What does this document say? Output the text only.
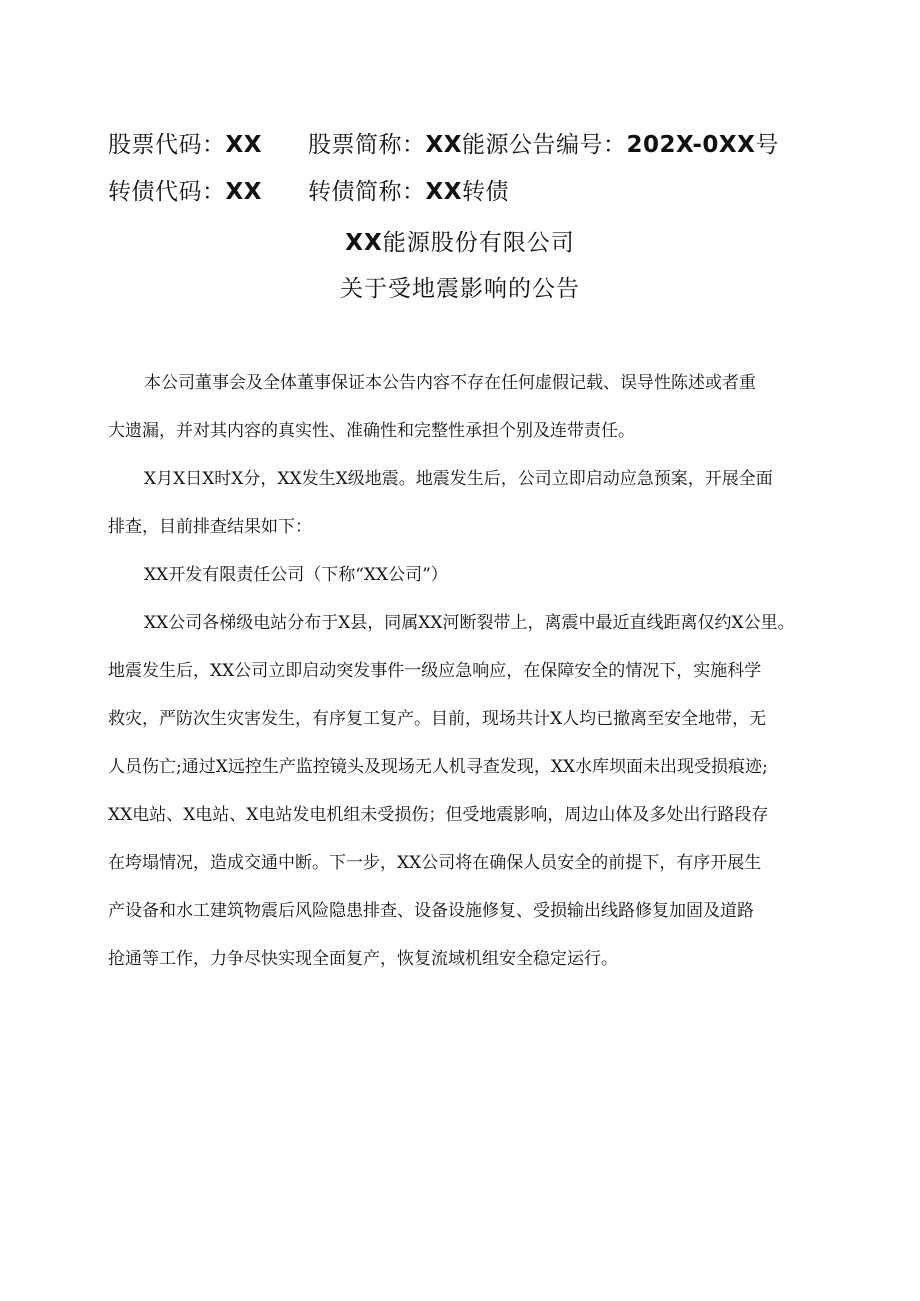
股票代码：XX 股票简称：XX能源公告编号：202X-0XX号
转债代码：XX 转债简称：XX转债
XX能源股份有限公司
关于受地震影响的公告
本公司董事会及全体董事保证本公告内容不存在任何虚假记载、误导性陈述或者重
大遗漏，并对其内容的真实性、准确性和完整性承担个别及连带责任。
X月X日X时X分，XX发生X级地震。地震发生后，公司立即启动应急预案，开展全面
排查，目前排查结果如下：
XX开发有限责任公司（下称“XX公司”）
XX公司各梯级电站分布于X县，同属XX河断裂带上，离震中最近直线距离仅约X公里。
地震发生后，XX公司立即启动突发事件一级应急响应，在保障安全的情况下，实施科学
救灾，严防次生灾害发生，有序复工复产。目前，现场共计X人均已撤离至安全地带，无
人员伤亡;通过X远控生产监控镜头及现场无人机寻查发现，XX水库坝面未出现受损痕迹;
XX电站、X电站、X电站发电机组未受损伤；但受地震影响，周边山体及多处出行路段存
在垮塌情况，造成交通中断。下一步，XX公司将在确保人员安全的前提下，有序开展生
产设备和水工建筑物震后风险隐患排查、设备设施修复、受损输出线路修复加固及道路
抢通等工作，力争尽快实现全面复产，恢复流域机组安全稳定运行。
